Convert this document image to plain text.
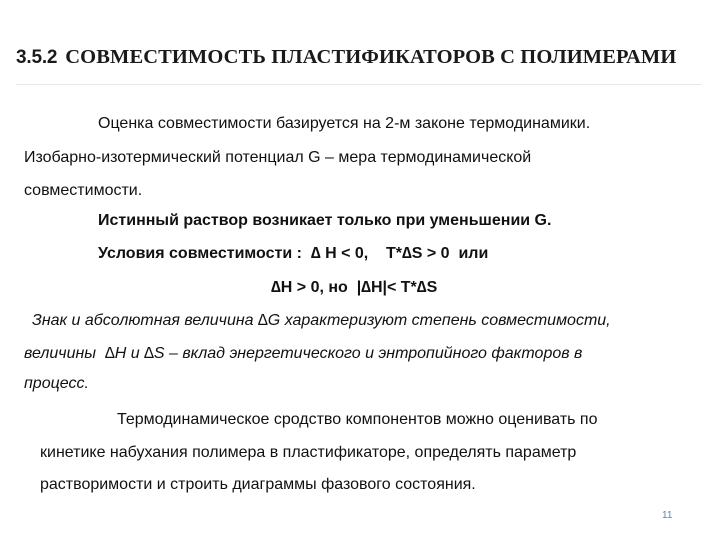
3.5.2 СОВМЕСТИМОСТЬ ПЛАСТИФИКАТОРОВ С ПОЛИМЕРАМИ
Оценка совместимости базируется на 2-м законе термодинамики.
Изобарно-изотермический потенциал G – мера термодинамической
совместимости.
Истинный раствор возникает только при уменьшении G.
Условия совместимости :  ∆ H < 0,    T*∆S > 0  или
∆H > 0, но  |∆H|< T*∆S
Знак и абсолютная величина ∆G характеризуют степень совместимости,
величины  ∆H и ∆S – вклад энергетического и энтропийного факторов в
процесс.
Термодинамическое сродство компонентов можно оценивать по
кинетике набухания полимера в пластификаторе, определять параметр
растворимости и строить диаграммы фазового состояния.
11
